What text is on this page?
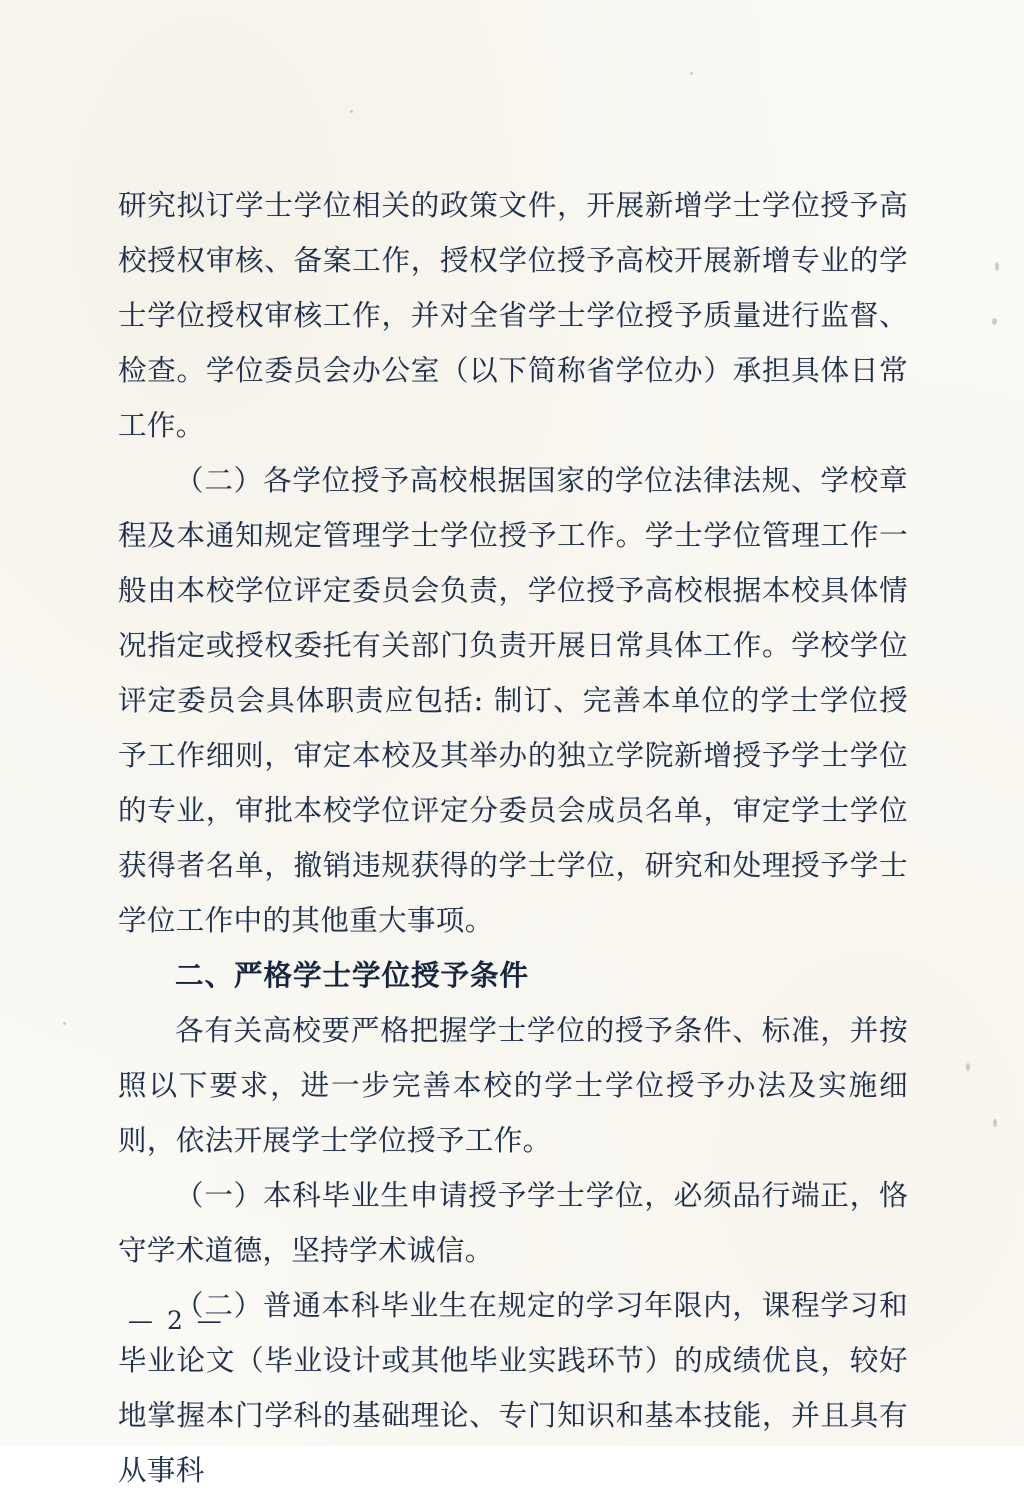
研究拟订学士学位相关的政策文件，开展新增学士学位授予高校授权审核、备案工作，授权学位授予高校开展新增专业的学士学位授权审核工作，并对全省学士学位授予质量进行监督、检查。学位委员会办公室（以下简称省学位办）承担具体日常工作。

（二）各学位授予高校根据国家的学位法律法规、学校章程及本通知规定管理学士学位授予工作。学士学位管理工作一般由本校学位评定委员会负责，学位授予高校根据本校具体情况指定或授权委托有关部门负责开展日常具体工作。学校学位评定委员会具体职责应包括: 制订、完善本单位的学士学位授予工作细则，审定本校及其举办的独立学院新增授予学士学位的专业，审批本校学位评定分委员会成员名单，审定学士学位获得者名单，撤销违规获得的学士学位，研究和处理授予学士学位工作中的其他重大事项。

二、严格学士学位授予条件

各有关高校要严格把握学士学位的授予条件、标准，并按照以下要求，进一步完善本校的学士学位授予办法及实施细则，依法开展学士学位授予工作。

（一）本科毕业生申请授予学士学位，必须品行端正，恪守学术道德，坚持学术诚信。

（二）普通本科毕业生在规定的学习年限内，课程学习和毕业论文（毕业设计或其他毕业实践环节）的成绩优良，较好地掌握本门学科的基础理论、专门知识和基本技能，并且具有从事科

— 2 —
